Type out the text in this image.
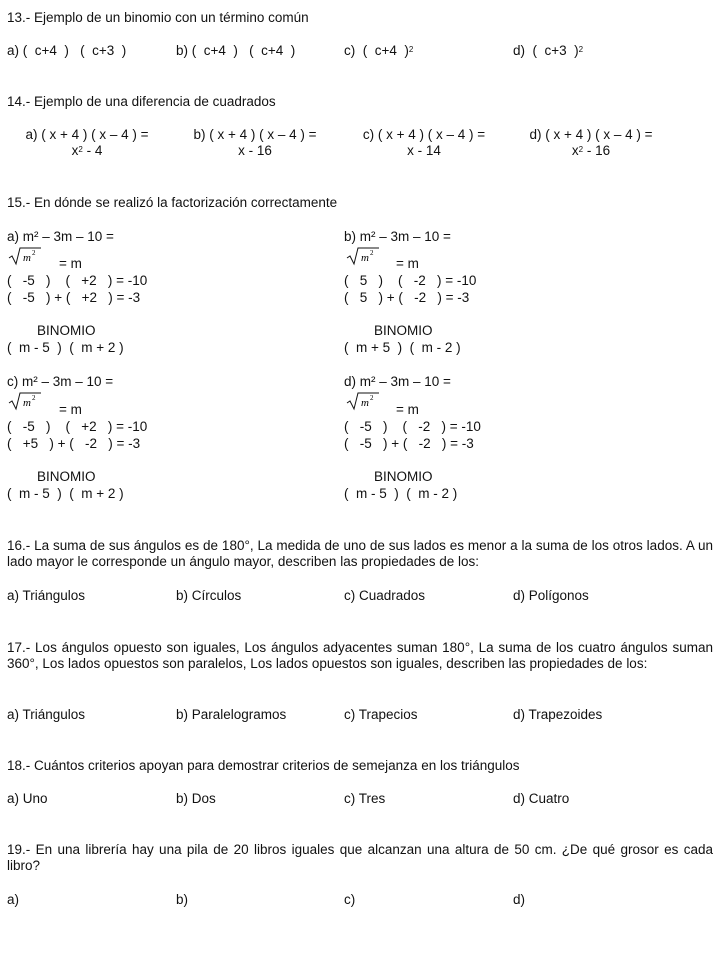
13.- Ejemplo de un binomio con un término común
a) (  c+4  )   (  c+3  )	b) (  c+4  )   (  c+4  )	c)  (  c+4  )$^2$	d)  (  c+3  )$^2$
14.- Ejemplo de una diferencia de cuadrados
a) ( x + 4 ) ( x – 4 ) =
$x^2 - 4$
b) ( x + 4 ) ( x – 4 ) =
x - 16
c) ( x + 4 ) ( x – 4 ) =
x - 14
d) ( x + 4 ) ( x – 4 ) =
$x^2 - 16$
15.- En dónde se realizó la factorización correctamente
a) m² – 3m – 10 =
m 2
= m
(   -5   )    (   +2   ) = -10
(   -5   ) + (   +2   ) = -3
BINOMIO
(  m - 5  )  (  m + 2 )
b) m² – 3m – 10 =
m 2
= m
(   5   )    (   -2   ) = -10
(   5   ) + (   -2   ) = -3
BINOMIO
(  m + 5  )  (  m - 2 )
c) m² – 3m – 10 =
m 2
= m
(   -5   )    (   +2   ) = -10
(   +5   ) + (   -2   ) = -3
BINOMIO
(  m - 5  )  (  m + 2 )
d) m² – 3m – 10 =
m 2
= m
(   -5   )    (   -2   ) = -10
(   -5   ) + (   -2   ) = -3
BINOMIO
(  m - 5  )  (  m - 2 )
16.- La suma de sus ángulos es de 180°, La medida de uno de sus lados es menor a la suma de los otros lados. A un lado mayor le corresponde un ángulo mayor, describen las propiedades de los:
a) Triángulos	b) Círculos	c) Cuadrados	d) Polígonos
17.- Los ángulos opuesto son iguales, Los ángulos adyacentes suman 180°, La suma de los cuatro ángulos suman 360°, Los lados opuestos son paralelos, Los lados opuestos son iguales, describen las propiedades de los:
a) Triángulos	b) Paralelogramos	c) Trapecios	d) Trapezoides
18.- Cuántos criterios apoyan para demostrar criterios de semejanza en los triángulos
a) Uno	b) Dos	c) Tres	d) Cuatro
19.- En una librería hay una pila de 20 libros iguales que alcanzan una altura de 50 cm. ¿De qué grosor es cada libro?
a)	b)	c)	d)
